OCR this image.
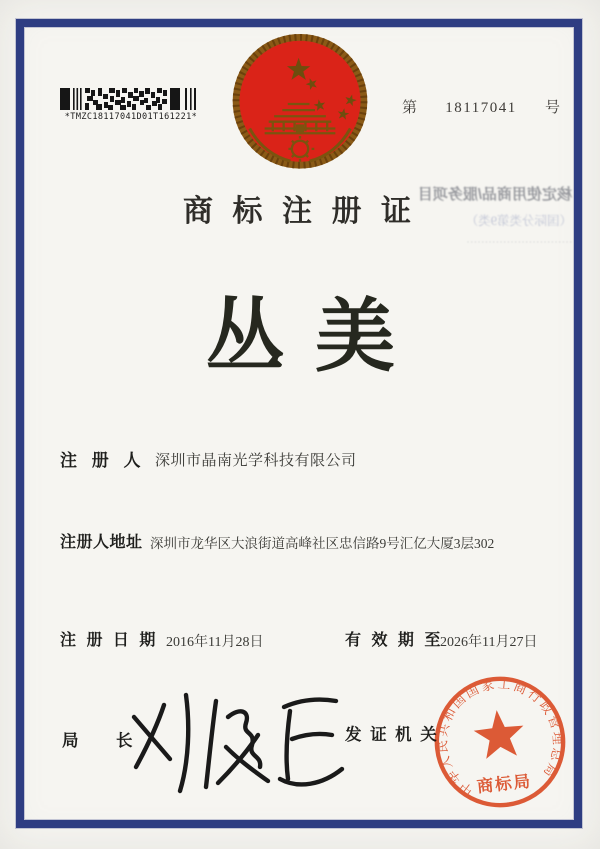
*TMZC18117041D01T161221*
第 18117041 号
商 标 注 册 证
核定使用商品/服务项目
（国际分类第9类）
·····························
丛美
注 册 人 深圳市晶南光学科技有限公司
注册人地址 深圳市龙华区大浪街道高峰社区忠信路9号汇亿大厦3层302
注 册 日 期 2016年11月28日	有 效 期 至
2026年11月27日
局 长	发 证 机 关
中华人民共和国国家工商行政管理总局
商标局
